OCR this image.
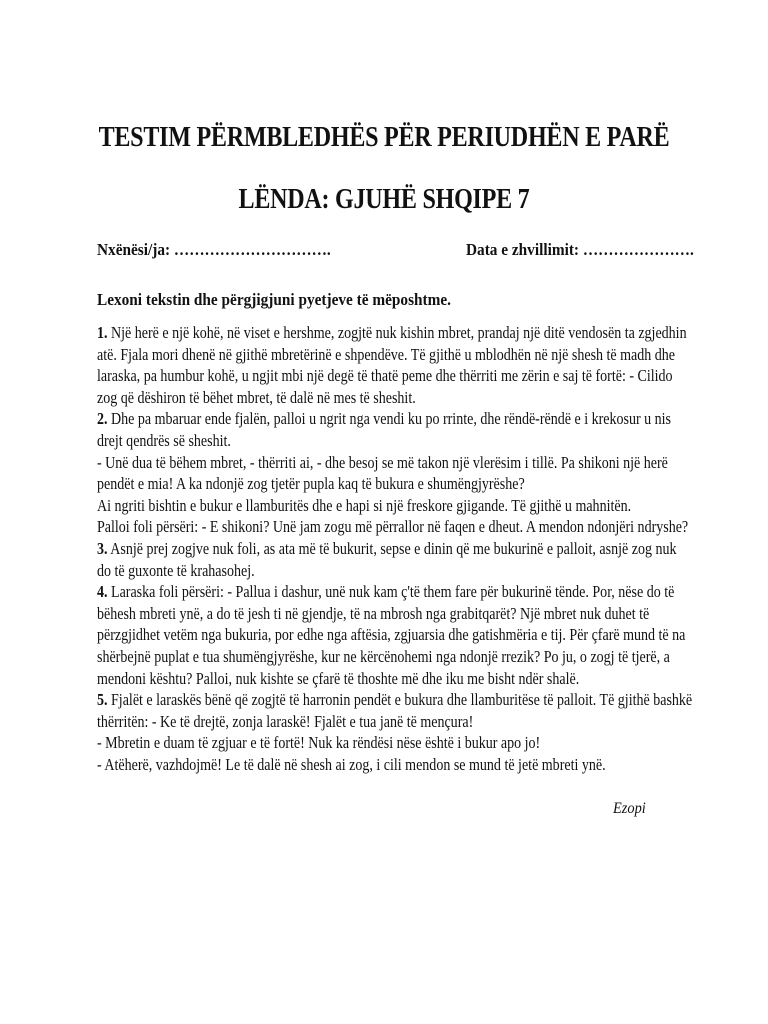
TESTIM PËRMBLEDHËS PËR PERIUDHËN E PARË
LËNDA: GJUHË SHQIPE 7
Nxënësi/ja: ………………………….	Data e zhvillimit: ………………….
Lexoni tekstin dhe përgjigjuni pyetjeve të mëposhtme.
1. Një herë e një kohë, në viset e hershme, zogjtë nuk kishin mbret, prandaj një ditë vendosën ta zgjedhin
atë. Fjala mori dhenë në gjithë mbretërinë e shpendëve. Të gjithë u mblodhën në një shesh të madh dhe
laraska, pa humbur kohë, u ngjit mbi një degë të thatë peme dhe thërriti me zërin e saj të fortë: - Cilido
zog që dëshiron të bëhet mbret, të dalë në mes të sheshit.
2. Dhe pa mbaruar ende fjalën, palloi u ngrit nga vendi ku po rrinte, dhe rëndë-rëndë e i krekosur u nis
drejt qendrës së sheshit.
- Unë dua të bëhem mbret, - thërriti ai, - dhe besoj se më takon një vlerësim i tillë. Pa shikoni një herë
pendët e mia! A ka ndonjë zog tjetër pupla kaq të bukura e shumëngjyrëshe?
Ai ngriti bishtin e bukur e llamburitës dhe e hapi si një freskore gjigande. Të gjithë u mahnitën.
Palloi foli përsëri: - E shikoni? Unë jam zogu më përrallor në faqen e dheut. A mendon ndonjëri ndryshe?
3. Asnjë prej zogjve nuk foli, as ata më të bukurit, sepse e dinin që me bukurinë e palloit, asnjë zog nuk
do të guxonte të krahasohej.
4. Laraska foli përsëri: - Pallua i dashur, unë nuk kam ç'të them fare për bukurinë tënde. Por, nëse do të
bëhesh mbreti ynë, a do të jesh ti në gjendje, të na mbrosh nga grabitqarët? Një mbret nuk duhet të
përzgjidhet vetëm nga bukuria, por edhe nga aftësia, zgjuarsia dhe gatishmëria e tij. Për çfarë mund të na
shërbejnë puplat e tua shumëngjyrëshe, kur ne kërcënohemi nga ndonjë rrezik? Po ju, o zogj të tjerë, a
mendoni kështu? Palloi, nuk kishte se çfarë të thoshte më dhe iku me bisht ndër shalë.
5. Fjalët e laraskës bënë që zogjtë të harronin pendët e bukura dhe llamburitëse të palloit. Të gjithë bashkë
thërritën: - Ke të drejtë, zonja laraskë! Fjalët e tua janë të mençura!
- Mbretin e duam të zgjuar e të fortë! Nuk ka rëndësi nëse është i bukur apo jo!
- Atëherë, vazhdojmë! Le të dalë në shesh ai zog, i cili mendon se mund të jetë mbreti ynë.
Ezopi
